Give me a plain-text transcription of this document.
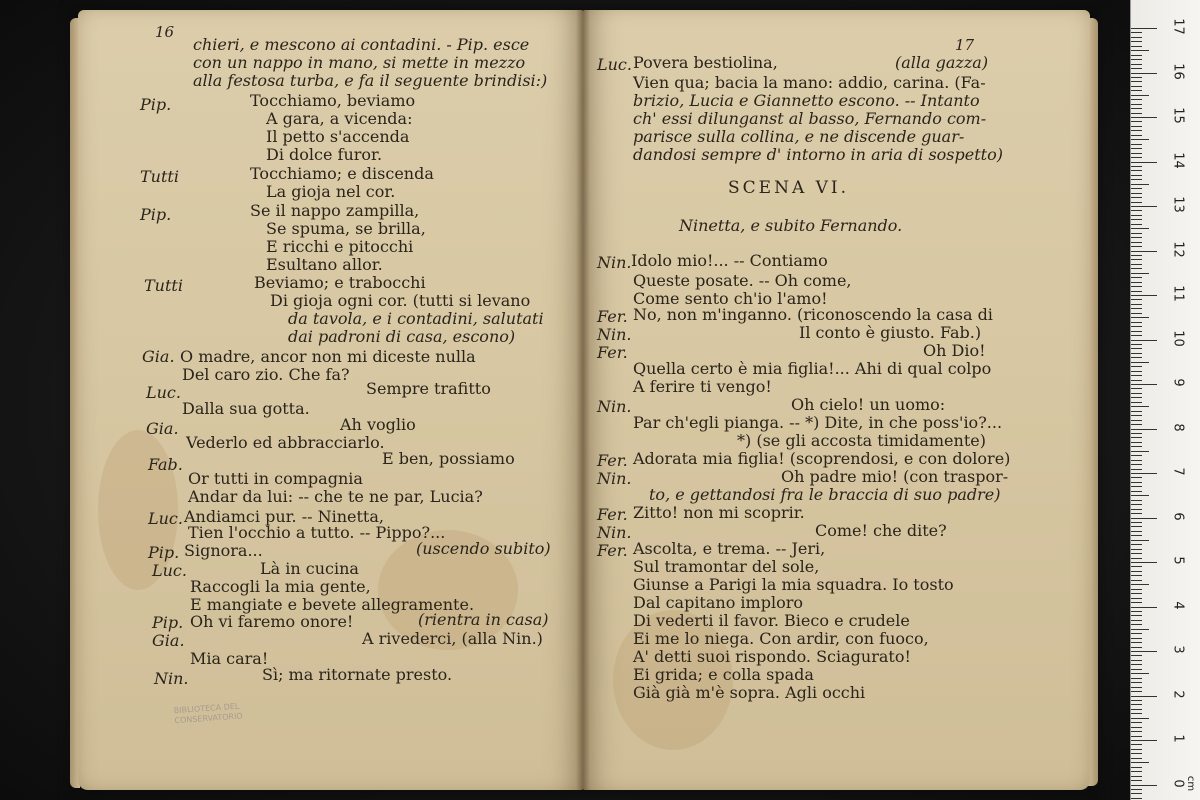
16
chieri, e mescono ai contadini. - Pip. esce
con un nappo in mano, si mette in mezzo
alla festosa turba, e fa il seguente brindisi:)
Pip.	Tocchiamo, beviamo
A gara, a vicenda:
Il petto s'accenda
Di dolce furor.
Tutti	Tocchiamo; e discenda
La gioja nel cor.
Pip.	Se il nappo zampilla,
Se spuma, se brilla,
E ricchi e pitocchi
Esultano allor.
Tutti	Beviamo; e trabocchi
Di gioja ogni cor. (tutti si levano
da tavola, e i contadini, salutati
dai padroni di casa, escono)
Gia. O madre, ancor non mi diceste nulla
Del caro zio. Che fa?
Luc.	Sempre trafitto
Dalla sua gotta.
Gia.	Ah voglio
Vederlo ed abbracciarlo.
Fab.	E ben, possiamo
Or tutti in compagnia
Andar da lui: -- che te ne par, Lucia?
Luc. Andiamci pur. -- Ninetta,
Tien l'occhio a tutto. -- Pippo?...
Pip. Signora...	(uscendo subito)
Luc.	Là in cucina
Raccogli la mia gente,
E mangiate e bevete allegramente.
Pip. Oh vi faremo onore!	(rientra in casa)
Gia.	A rivederci, (alla Nin.)
Mia cara!
Nin.	Sì; ma ritornate presto.
BIBLIOTECA DEL CONSERVATORIO
17
Luc. Povera bestiolina,	(alla gazza)
Vien qua; bacia la mano: addio, carina. (Fa-
brizio, Lucia e Giannetto escono. -- Intanto
ch' essi dilunganst al basso, Fernando com-
parisce sulla collina, e ne discende guar-
dandosi sempre d' intorno in aria di sospetto)
SCENA VI.
Ninetta, e subito Fernando.
Nin. Idolo mio!... -- Contiamo
Queste posate. -- Oh come,
Come sento ch'io l'amo!
Fer. No, non m'inganno. (riconoscendo la casa di
Nin.	Il conto è giusto. Fab.)
Fer.	Oh Dio!
Quella certo è mia figlia!... Ahi di qual colpo
A ferire ti vengo!
Nin.	Oh cielo! un uomo:
Par ch'egli pianga. -- *) Dite, in che poss'io?...
*) (se gli accosta timidamente)
Fer. Adorata mia figlia! (scoprendosi, e con dolore)
Nin.	Oh padre mio! (con traspor-
to, e gettandosi fra le braccia di suo padre)
Fer. Zitto! non mi scoprir.
Nin.	Come! che dite?
Fer. Ascolta, e trema. -- Jeri,
Sul tramontar del sole,
Giunse a Parigi la mia squadra. Io tosto
Dal capitano imploro
Di vederti il favor. Bieco e crudele
Ei me lo niega. Con ardir, con fuoco,
A' detti suoi rispondo. Sciagurato!
Ei grida; e colla spada
Già già m'è sopra. Agli occhi
17
16
15
14
13
12
11
10
9
8
7
6
5
4
3
2
1
0 cm
